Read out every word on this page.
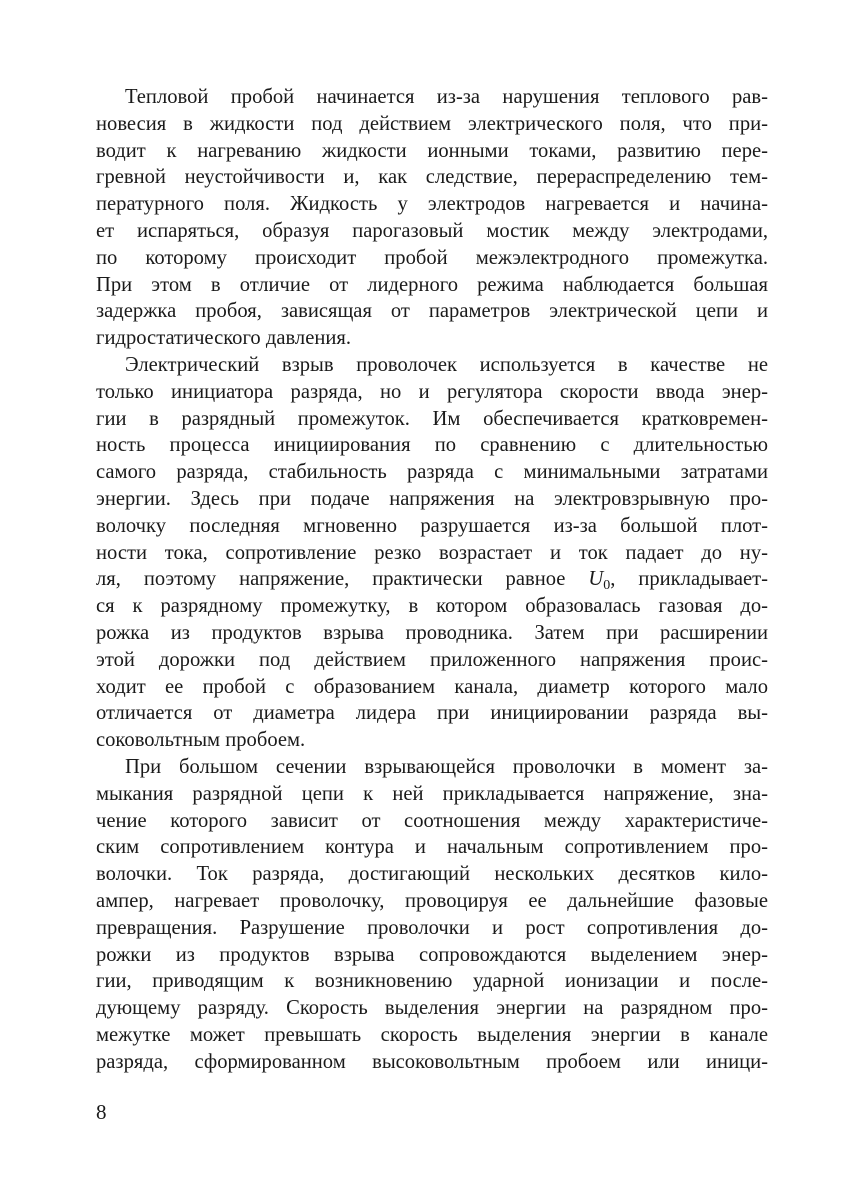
Тепловой пробой начинается из-за нарушения теплового рав-
новесия в жидкости под действием электрического поля, что при-
водит к нагреванию жидкости ионными токами, развитию пере-
гревной неустойчивости и, как следствие, перераспределению тем-
пературного поля. Жидкость у электродов нагревается и начина-
ет испаряться, образуя парогазовый мостик между электродами,
по которому происходит пробой межэлектродного промежутка.
При этом в отличие от лидерного режима наблюдается большая
задержка пробоя, зависящая от параметров электрической цепи и
гидростатического давления.
Электрический взрыв проволочек используется в качестве не
только инициатора разряда, но и регулятора скорости ввода энер-
гии в разрядный промежуток. Им обеспечивается кратковремен-
ность процесса инициирования по сравнению с длительностью
самого разряда, стабильность разряда с минимальными затратами
энергии. Здесь при подаче напряжения на электровзрывную про-
волочку последняя мгновенно разрушается из-за большой плот-
ности тока, сопротивление резко возрастает и ток падает до ну-
ля, поэтому напряжение, практически равное $U_0$, прикладывает-
ся к разрядному промежутку, в котором образовалась газовая до-
рожка из продуктов взрыва проводника. Затем при расширении
этой дорожки под действием приложенного напряжения проис-
ходит ее пробой с образованием канала, диаметр которого мало
отличается от диаметра лидера при инициировании разряда вы-
соковольтным пробоем.
При большом сечении взрывающейся проволочки в момент за-
мыкания разрядной цепи к ней прикладывается напряжение, зна-
чение которого зависит от соотношения между характеристиче-
ским сопротивлением контура и начальным сопротивлением про-
волочки. Ток разряда, достигающий нескольких десятков кило-
ампер, нагревает проволочку, провоцируя ее дальнейшие фазовые
превращения. Разрушение проволочки и рост сопротивления до-
рожки из продуктов взрыва сопровождаются выделением энер-
гии, приводящим к возникновению ударной ионизации и после-
дующему разряду. Скорость выделения энергии на разрядном про-
межутке может превышать скорость выделения энергии в канале
разряда, сформированном высоковольтным пробоем или иници-
8
